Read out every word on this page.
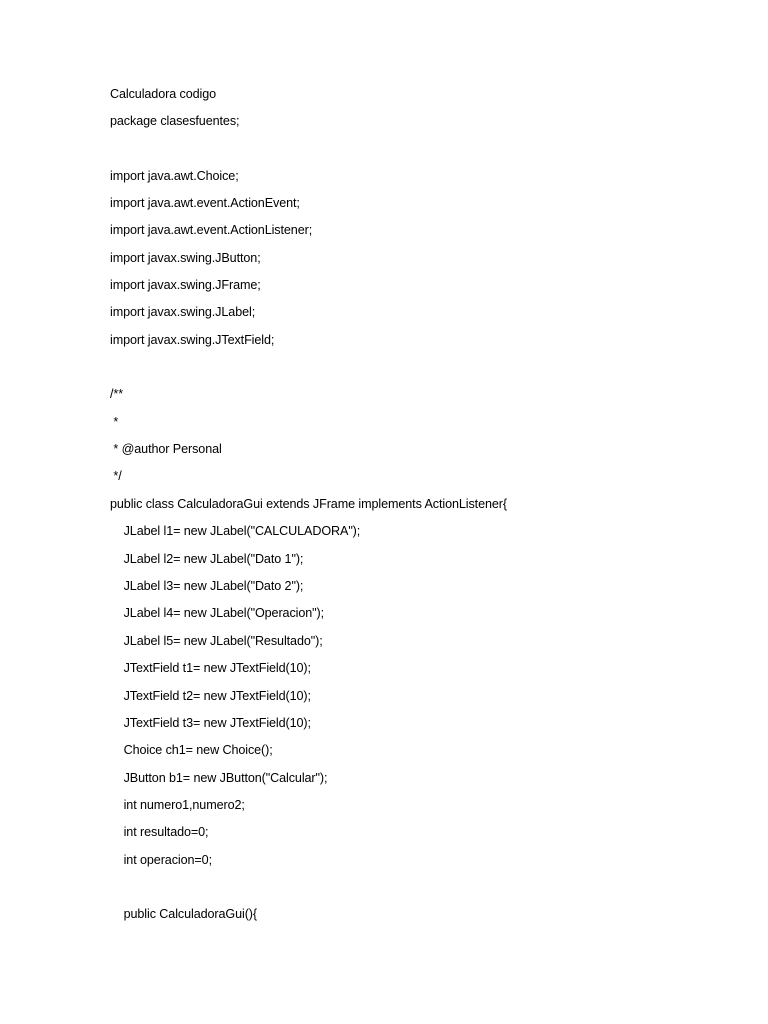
Calculadora codigo
package clasesfuentes;
import java.awt.Choice;
import java.awt.event.ActionEvent;
import java.awt.event.ActionListener;
import javax.swing.JButton;
import javax.swing.JFrame;
import javax.swing.JLabel;
import javax.swing.JTextField;
/**
*
* @author Personal
*/
public class CalculadoraGui extends JFrame implements ActionListener{
JLabel l1= new JLabel("CALCULADORA");
JLabel l2= new JLabel("Dato 1");
JLabel l3= new JLabel("Dato 2");
JLabel l4= new JLabel("Operacion");
JLabel l5= new JLabel("Resultado");
JTextField t1= new JTextField(10);
JTextField t2= new JTextField(10);
JTextField t3= new JTextField(10);
Choice ch1= new Choice();
JButton b1= new JButton("Calcular");
int numero1,numero2;
int resultado=0;
int operacion=0;
public CalculadoraGui(){
